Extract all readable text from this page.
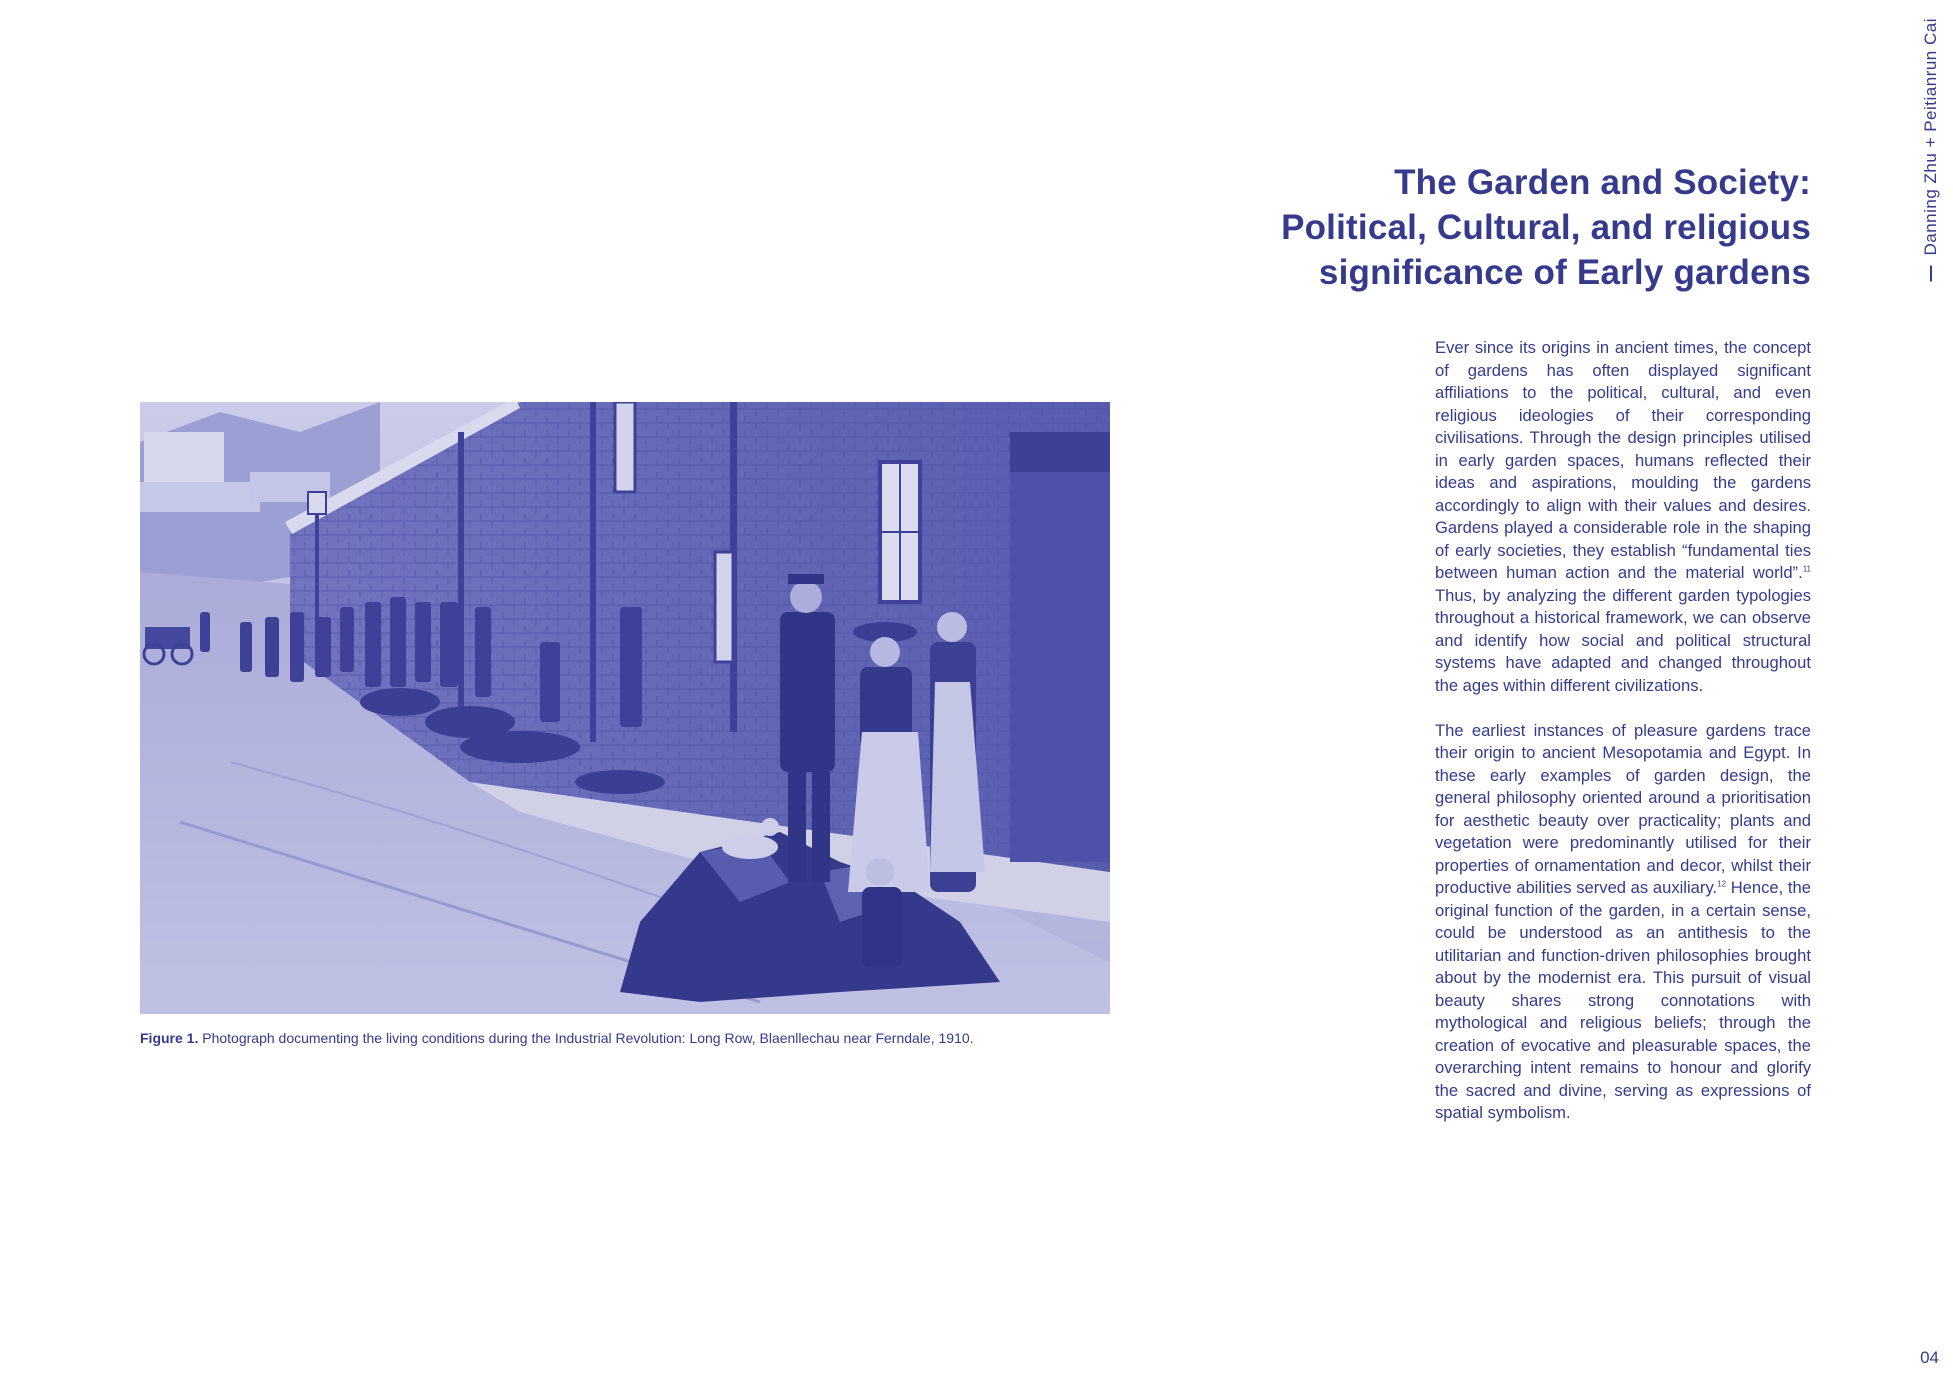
Danning Zhu + Peitianrun Cai
The Garden and Society:
Political, Cultural, and religious
significance of Early gardens

Ever since its origins in ancient times, the concept of gardens has often displayed significant affiliations to the political, cultural, and even religious ideologies of their corresponding civilisations. Through the design principles utilised in early garden spaces, humans reflected their ideas and aspirations, moulding the gardens accordingly to align with their values and desires. Gardens played a considerable role in the shaping of early societies, they establish “fundamental ties between human action and the material world”.$^{11}$ Thus, by analyzing the different garden typologies throughout a historical framework, we can observe and identify how social and political structural systems have adapted and changed throughout the ages within different civilizations.

The earliest instances of pleasure gardens trace their origin to ancient Mesopotamia and Egypt. In these early examples of garden design, the general philosophy oriented around a prioritisation for aesthetic beauty over practicality; plants and vegetation were predominantly utilised for their properties of ornamentation and decor, whilst their productive abilities served as auxiliary.$^{12}$ Hence, the original function of the garden, in a certain sense, could be understood as an antithesis to the utilitarian and function-driven philosophies brought about by the modernist era. This pursuit of visual beauty shares strong connotations with mythological and religious beliefs; through the creation of evocative and pleasurable spaces, the overarching intent remains to honour and glorify the sacred and divine, serving as expressions of spatial symbolism.

Figure 1. Photograph documenting the living conditions during the Industrial Revolution: Long Row, Blaenllechau near Ferndale, 1910.
04
